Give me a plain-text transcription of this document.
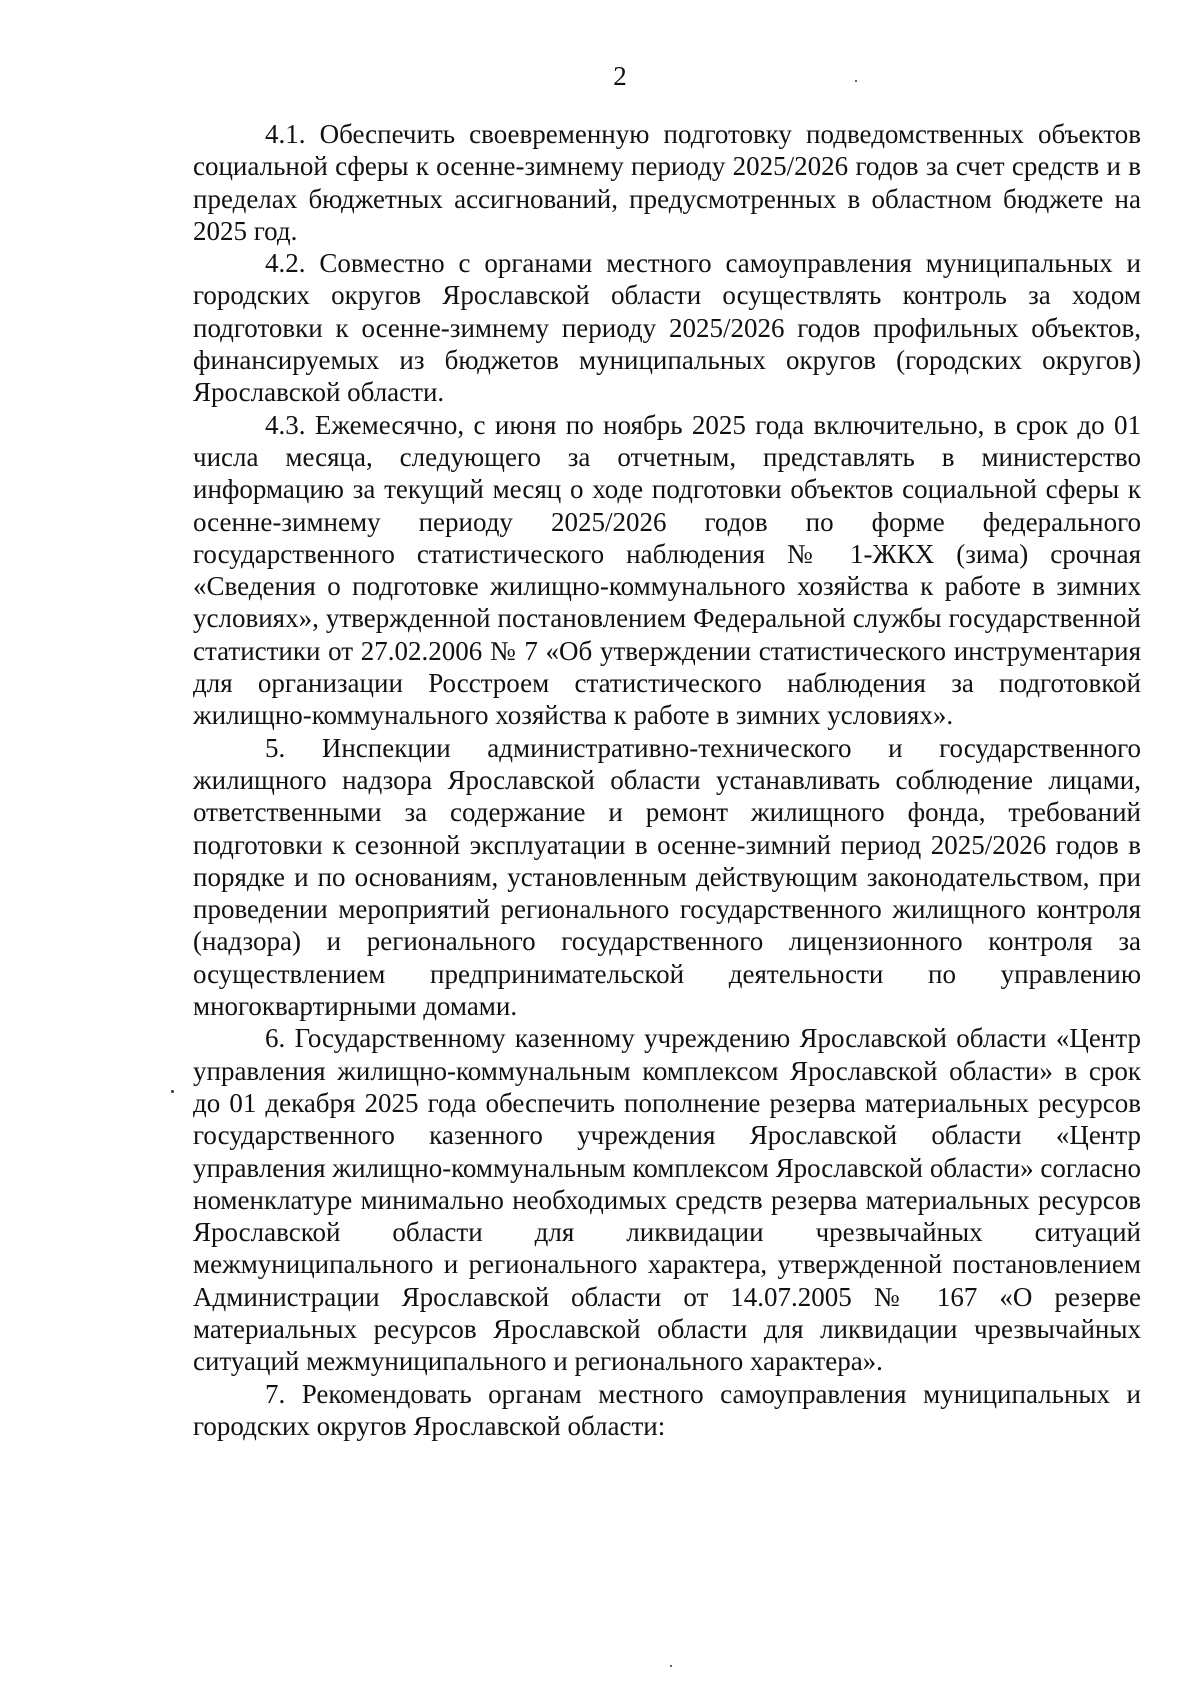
2

4.1. Обеспечить своевременную подготовку подведомственных объектов социальной сферы к осенне-зимнему периоду 2025/2026 годов за счет средств и в пределах бюджетных ассигнований, предусмотренных в областном бюджете на 2025 год.

4.2. Совместно с органами местного самоуправления муниципальных и городских округов Ярославской области осуществлять контроль за ходом подготовки к осенне-зимнему периоду 2025/2026 годов профильных объектов, финансируемых из бюджетов муниципальных округов (городских округов) Ярославской области.

4.3. Ежемесячно, с июня по ноябрь 2025 года включительно, в срок до 01 числа месяца, следующего за отчетным, представлять в министерство информацию за текущий месяц о ходе подготовки объектов социальной сферы к осенне-зимнему периоду 2025/2026 годов по форме федерального государственного статистического наблюдения № 1-ЖКХ (зима) срочная «Сведения о подготовке жилищно-коммунального хозяйства к работе в зимних условиях», утвержденной постановлением Федеральной службы государственной статистики от 27.02.2006 № 7 «Об утверждении статистического инструментария для организации Росстроем статистического наблюдения за подготовкой жилищно-коммунального хозяйства к работе в зимних условиях».

5. Инспекции административно-технического и государственного жилищного надзора Ярославской области устанавливать соблюдение лицами, ответственными за содержание и ремонт жилищного фонда, требований подготовки к сезонной эксплуатации в осенне-зимний период 2025/2026 годов в порядке и по основаниям, установленным действующим законодательством, при проведении мероприятий регионального государственного жилищного контроля (надзора) и регионального государственного лицензионного контроля за осуществлением предпринимательской деятельности по управлению многоквартирными домами.

6. Государственному казенному учреждению Ярославской области «Центр управления жилищно-коммунальным комплексом Ярославской области» в срок до 01 декабря 2025 года обеспечить пополнение резерва материальных ресурсов государственного казенного учреждения Ярославской области «Центр управления жилищно-коммунальным комплексом Ярославской области» согласно номенклатуре минимально необходимых средств резерва материальных ресурсов Ярославской области для ликвидации чрезвычайных ситуаций межмуниципального и регионального характера, утвержденной постановлением Администрации Ярославской области от 14.07.2005 № 167 «О резерве материальных ресурсов Ярославской области для ликвидации чрезвычайных ситуаций межмуниципального и регионального характера».

7. Рекомендовать органам местного самоуправления муниципальных и городских округов Ярославской области:
